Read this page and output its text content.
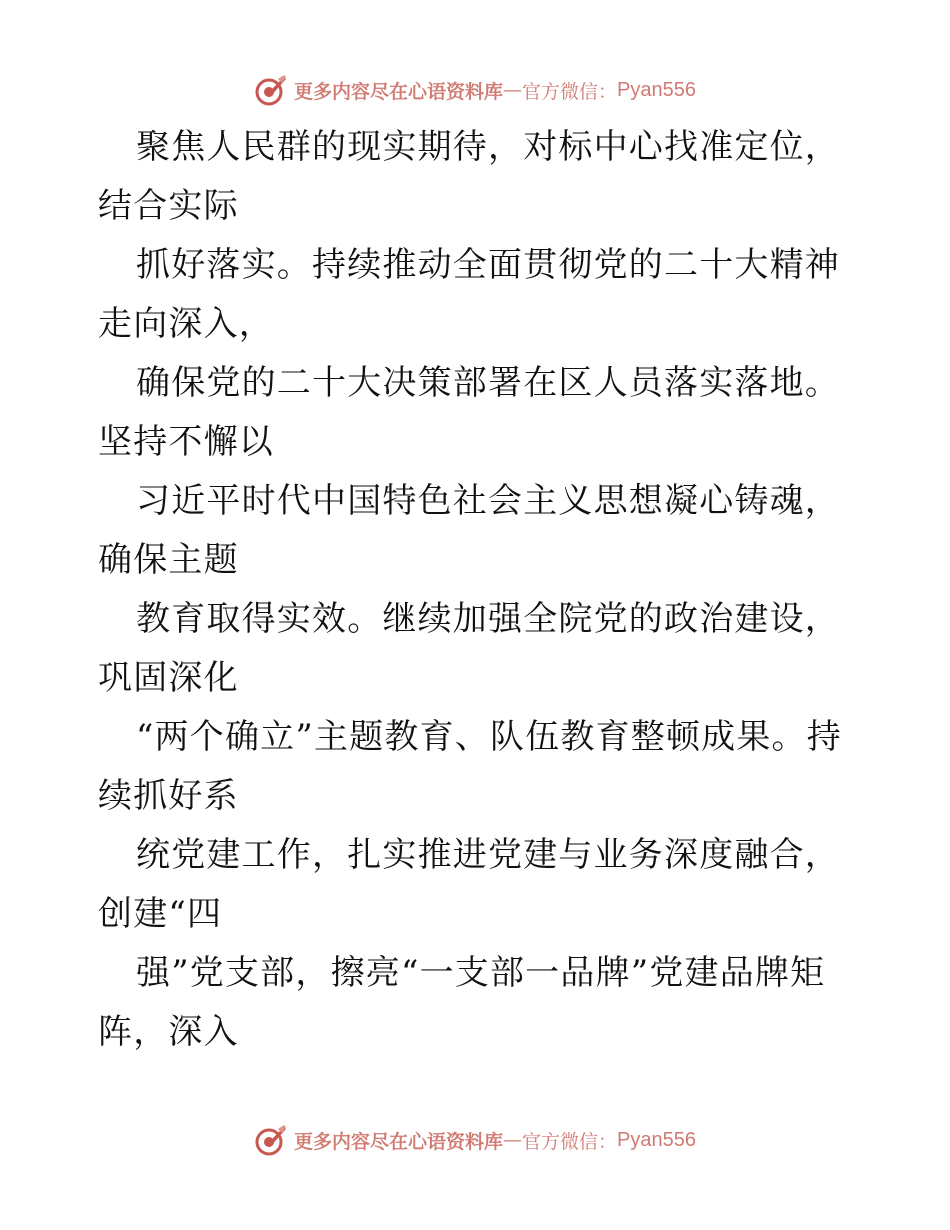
更多内容尽在心语资料库 — 官方微信： Pyan556

聚焦人民群的现实期待，对标中心找准定位，结合实际

抓好落实。持续推动全面贯彻党的二十大精神走向深入，

确保党的二十大决策部署在区人员落实落地。坚持不懈以

习近平时代中国特色社会主义思想凝心铸魂，确保主题

教育取得实效。继续加强全院党的政治建设，巩固深化

“两个确立”主题教育、队伍教育整顿成果。持续抓好系

统党建工作，扎实推进党建与业务深度融合，创建“四

强”党支部，擦亮“一支部一品牌”党建品牌矩阵，深入

更多内容尽在心语资料库 — 官方微信： Pyan556
